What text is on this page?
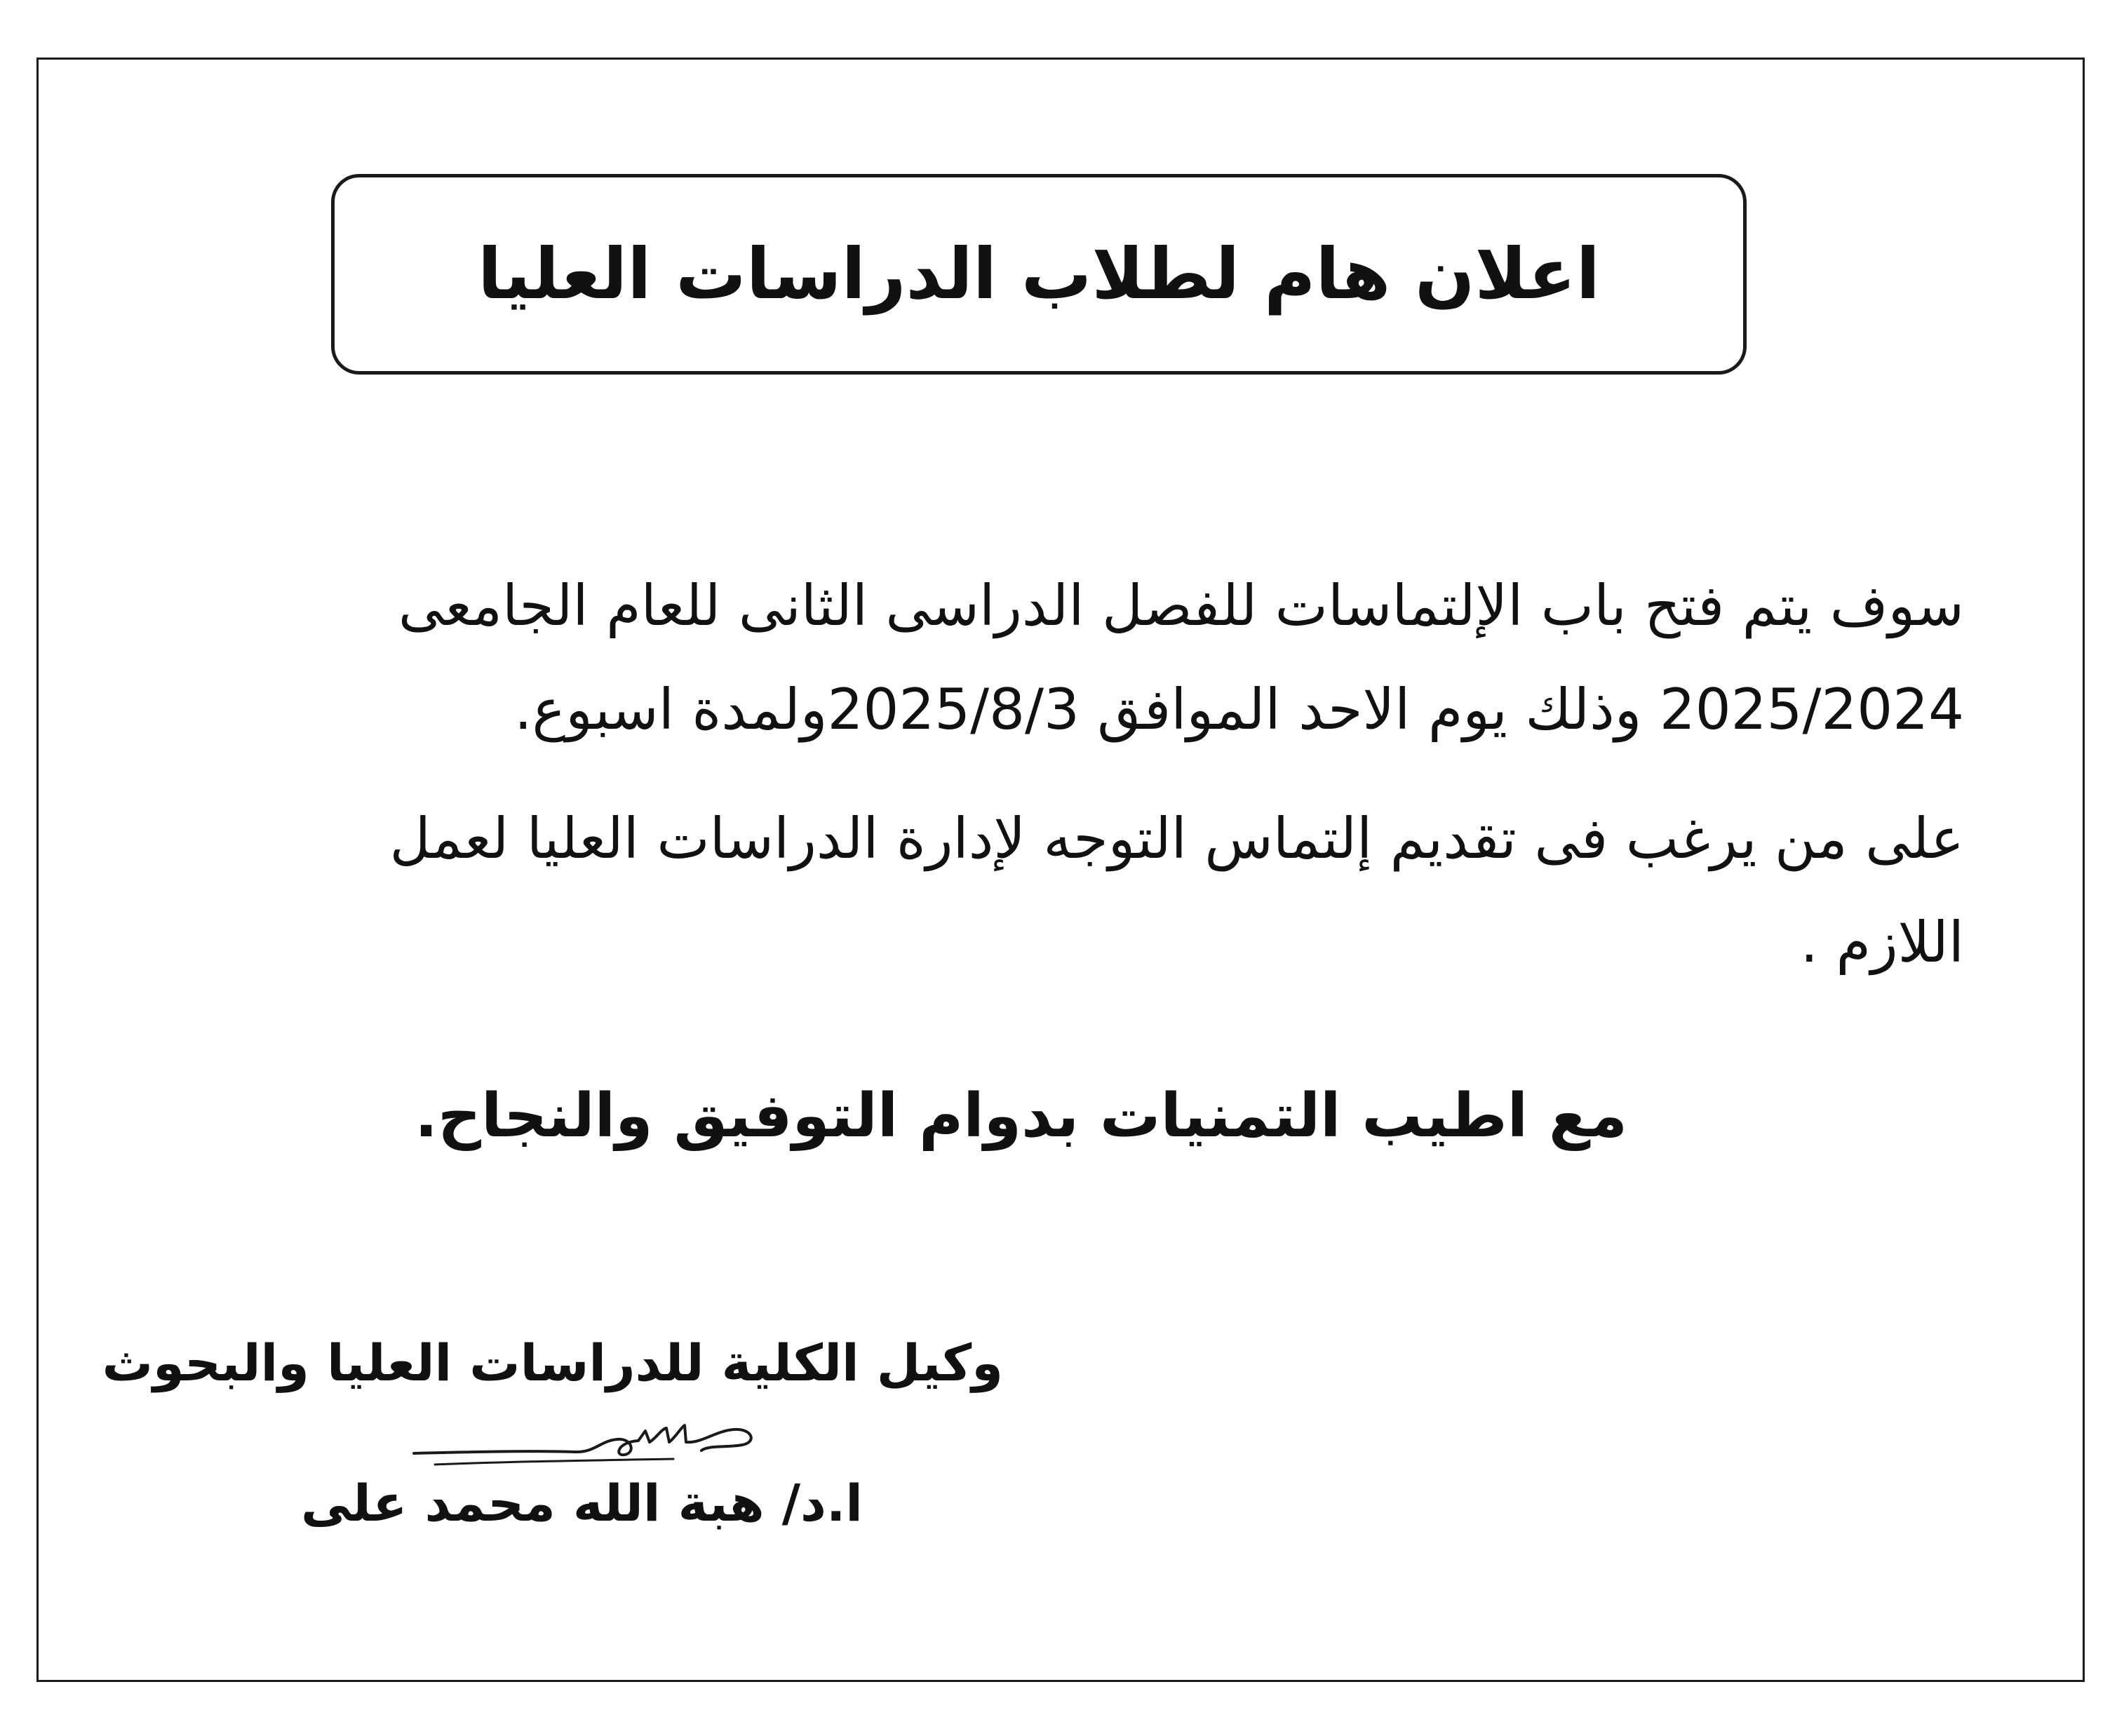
اعلان هام لطلاب الدراسات العليا

سوف يتم فتح باب الإلتماسات للفصل الدراسى الثانى للعام الجامعى 2025/2024 وذلك يوم الاحد الموافق 2025/8/3ولمدة اسبوع.

على من يرغب فى تقديم إلتماس التوجه لإدارة الدراسات العليا لعمل اللازم .

مع اطيب التمنيات بدوام التوفيق والنجاح.
وكيل الكلية للدراسات العليا والبحوث
ا.د/ هبة الله محمد على
